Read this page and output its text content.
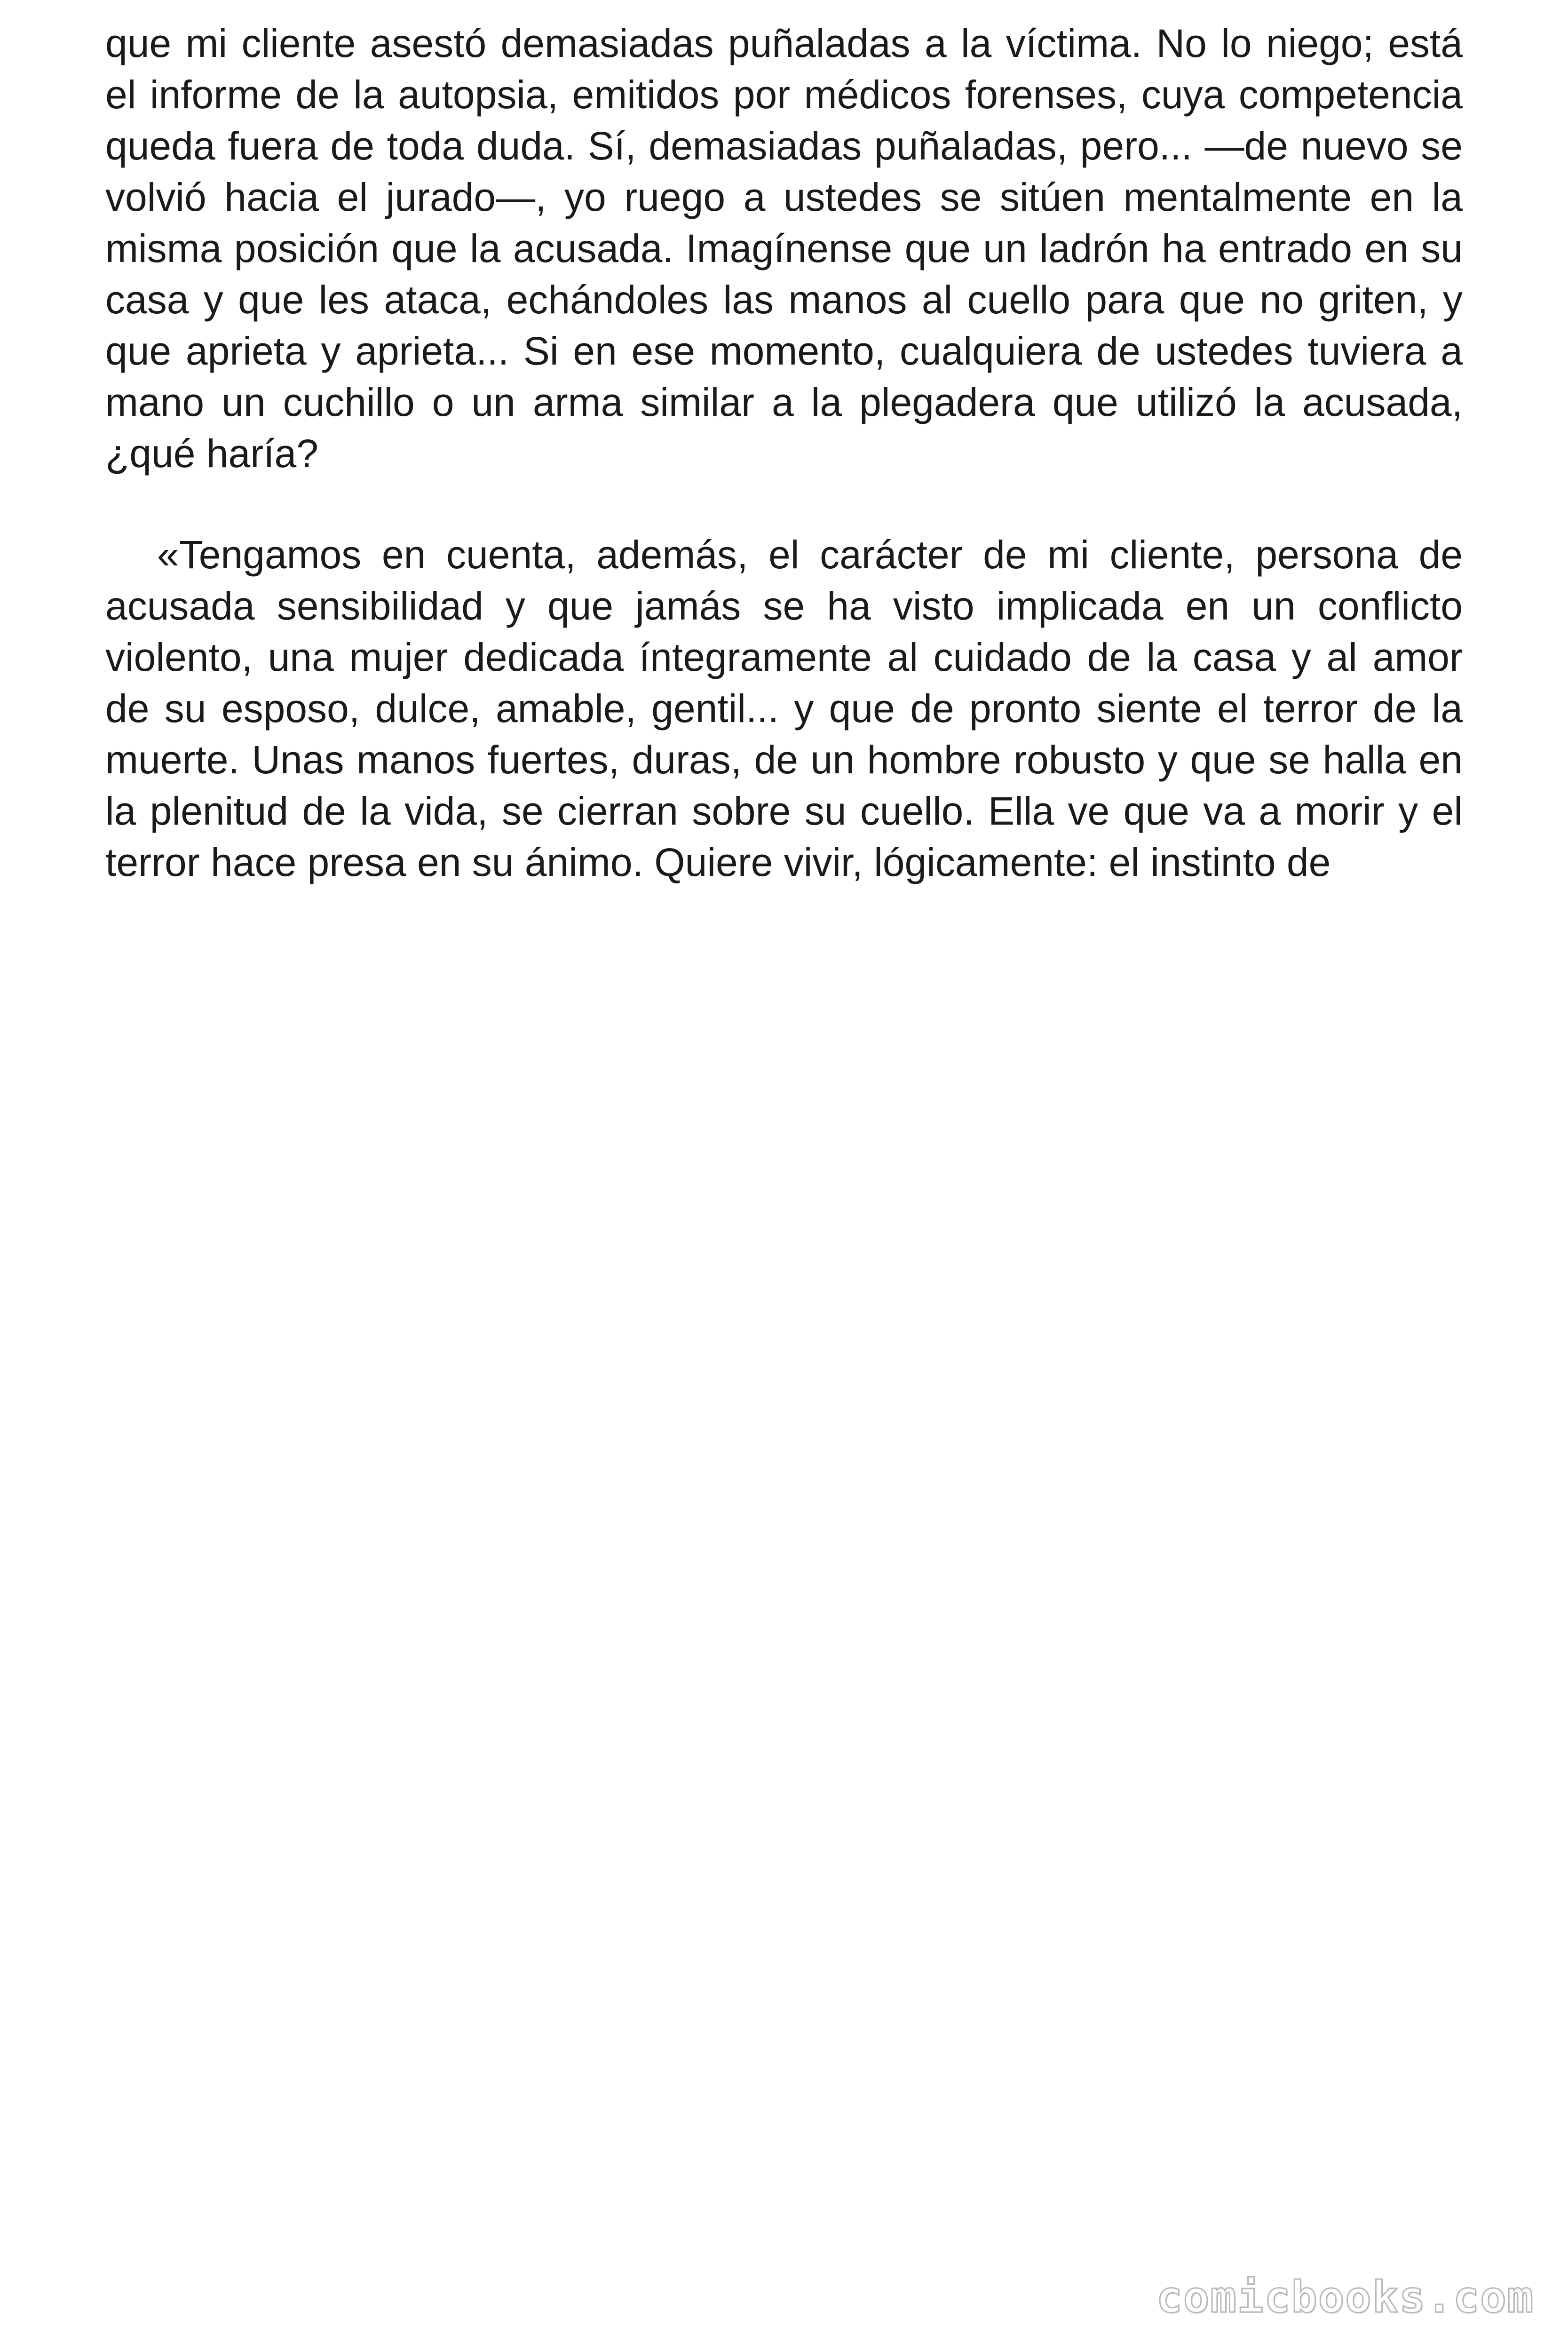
que mi cliente asestó demasiadas puñaladas a la víctima. No lo niego; está el informe de la autopsia, emitidos por médicos forenses, cuya competencia queda fuera de toda duda. Sí, demasiadas puñaladas, pero... —de nuevo se volvió hacia el jurado—, yo ruego a ustedes se sitúen mentalmente en la misma posición que la acusada. Imagínense que un ladrón ha entrado en su casa y que les ataca, echándoles las manos al cuello para que no griten, y que aprieta y aprieta... Si en ese momento, cualquiera de ustedes tuviera a mano un cuchillo o un arma similar a la plegadera que utilizó la acusada, ¿qué haría?

«Tengamos en cuenta, además, el carácter de mi cliente, persona de acusada sensibilidad y que jamás se ha visto implicada en un conflicto violento, una mujer dedicada íntegramente al cuidado de la casa y al amor de su esposo, dulce, amable, gentil... y que de pronto siente el terror de la muerte. Unas manos fuertes, duras, de un hombre robusto y que se halla en la plenitud de la vida, se cierran sobre su cuello. Ella ve que va a morir y el terror hace presa en su ánimo. Quiere vivir, lógicamente: el instinto de

comicbooks.com
